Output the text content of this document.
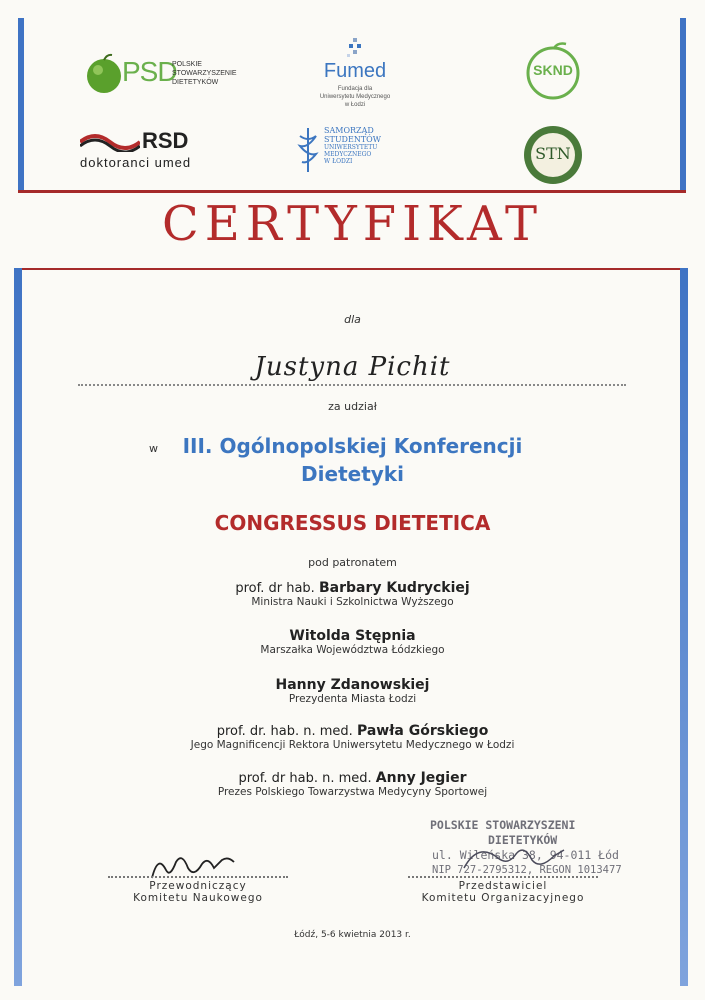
PSD
POLSKIE
STOWARZYSZENIE
DIETETYKÓW
Fumed
Fundacja dla
Uniwersytetu Medycznego
w Łodzi
SKND
RSD
doktoranci umed
SAMORZĄD
STUDENTÓW
UNIWERSYTETU
MEDYCZNEGO
W ŁODZI	STN
CERTYFIKAT
dla
Justyna Pichit
za udział
w	III. Ogólnopolskiej Konferencji
Dietetyki
CONGRESSUS DIETETICA
pod patronatem
prof. dr hab. Barbary Kudryckiej
Ministra Nauki i Szkolnictwa Wyższego
Witolda Stępnia
Marszałka Województwa Łódzkiego
Hanny Zdanowskiej
Prezydenta Miasta Łodzi
prof. dr. hab. n. med. Pawła Górskiego
Jego Magnificencji Rektora Uniwersytetu Medycznego w Łodzi
prof. dr hab. n. med. Anny Jegier
Prezes Polskiego Towarzystwa Medycyny Sportowej
POLSKIE STOWARZYSZENI
DIETETYKÓW
ul. Wileńska 38, 94-011 Łód
NIP 727-2795312, REGON 1013477
Przewodniczący
Komitetu Naukowego
Przedstawiciel
Komitetu Organizacyjnego
Łódź, 5-6 kwietnia 2013 r.
